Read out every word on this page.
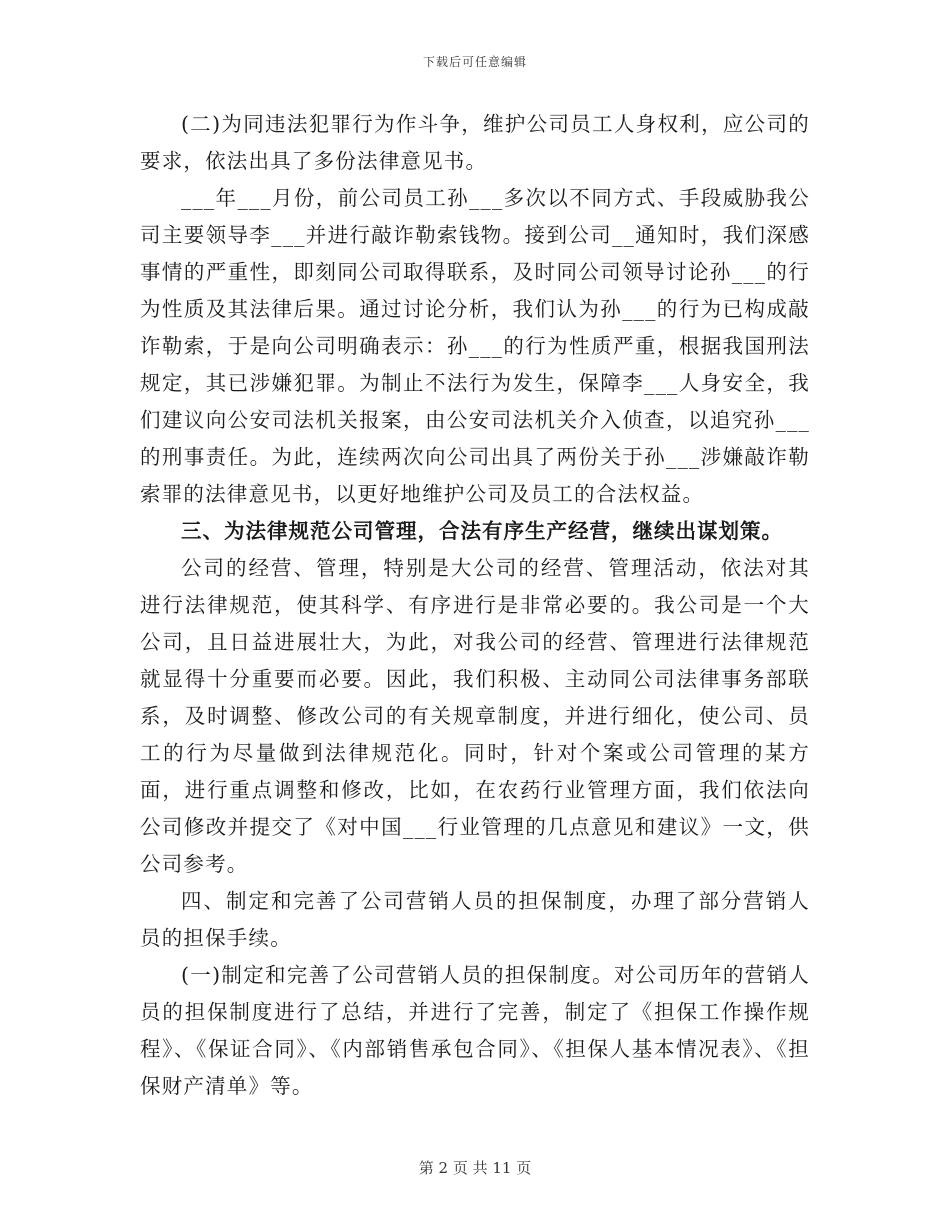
下载后可任意编辑

(二)为同违法犯罪行为作斗争，维护公司员工人身权利，应公司的要求，依法出具了多份法律意见书。

___年___月份，前公司员工孙___多次以不同方式、手段威胁我公司主要领导李___并进行敲诈勒索钱物。接到公司__通知时，我们深感事情的严重性，即刻同公司取得联系，及时同公司领导讨论孙___的行为性质及其法律后果。通过讨论分析，我们认为孙___的行为已构成敲诈勒索，于是向公司明确表示：孙___的行为性质严重，根据我国刑法规定，其已涉嫌犯罪。为制止不法行为发生，保障李___人身安全，我们建议向公安司法机关报案，由公安司法机关介入侦查，以追究孙___的刑事责任。为此，连续两次向公司出具了两份关于孙___涉嫌敲诈勒索罪的法律意见书，以更好地维护公司及员工的合法权益。

三、为法律规范公司管理，合法有序生产经营，继续出谋划策。

公司的经营、管理，特别是大公司的经营、管理活动，依法对其进行法律规范，使其科学、有序进行是非常必要的。我公司是一个大公司，且日益进展壮大，为此，对我公司的经营、管理进行法律规范就显得十分重要而必要。因此，我们积极、主动同公司法律事务部联系，及时调整、修改公司的有关规章制度，并进行细化，使公司、员工的行为尽量做到法律规范化。同时，针对个案或公司管理的某方面，进行重点调整和修改，比如，在农药行业管理方面，我们依法向公司修改并提交了《对中国___行业管理的几点意见和建议》一文，供公司参考。

四、制定和完善了公司营销人员的担保制度，办理了部分营销人员的担保手续。

(一)制定和完善了公司营销人员的担保制度。对公司历年的营销人员的担保制度进行了总结，并进行了完善，制定了《担保工作操作规程》、《保证合同》、《内部销售承包合同》、《担保人基本情况表》、《担保财产清单》等。

第 2 页 共 11 页
